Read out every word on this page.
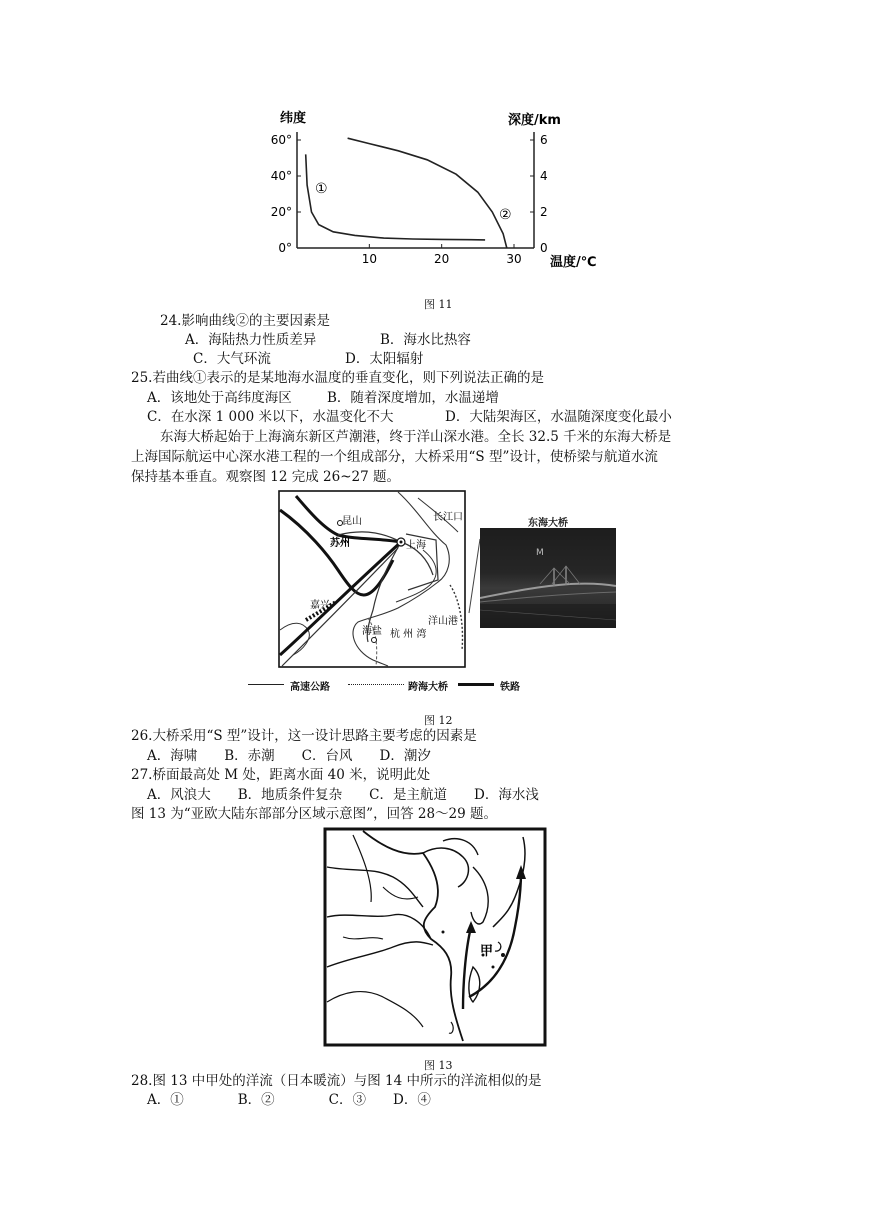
纬度	深度/km
温度/℃
60°
40°
20°
0°
6
4
2
0
10	20	30
①
②
图 11
24.影响曲线②的主要因素是
A．海陆热力性质差异	B．海水比热容
C．大气环流	D．太阳辐射
25.若曲线①表示的是某地海水温度的垂直变化，则下列说法正确的是
A．该地处于高纬度海区	B．随着深度增加，水温递增
C．在水深 1 000 米以下，水温变化不大	D．大陆架海区，水温随深度变化最小
东海大桥起始于上海滴东新区芦潮港，终于洋山深水港。全长 32.5 千米的东海大桥是
上海国际航运中心深水港工程的一个组成部分，大桥采用“S 型”设计，使桥梁与航道水流
保持基本垂直。观察图 12 完成 26~27 题。
昆山
苏州	上海
长江口
嘉兴
海盐 杭 州 湾
洋山港
东海大桥
M
高速公路	跨海大桥	铁路
图 12
26.大桥采用“S 型”设计，这一设计思路主要考虑的因素是
A．海啸　　B．赤潮　　C．台风　　D．潮汐
27.桥面最高处 M 处，距离水面 40 米，说明此处
A．风浪大　　B．地质条件复杂　　C．是主航道　　D．海水浅
图 13 为“亚欧大陆东部部分区域示意图”，回答 28～29 题。
甲
图 13
28.图 13 中甲处的洋流（日本暖流）与图 14 中所示的洋流相似的是
A．①　　　　B．②　　　　C．③　　D．④
